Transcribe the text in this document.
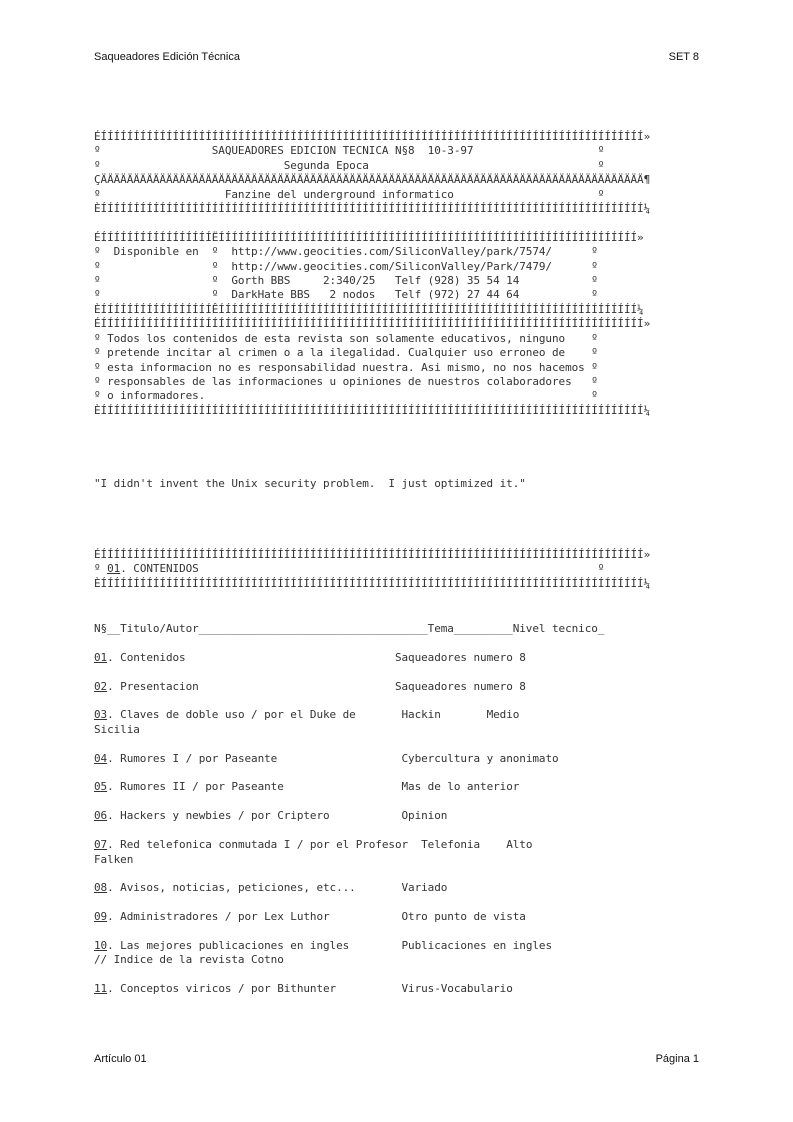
Saqueadores Edición Técnica	SET 8
ÉÍÍÍÍÍÍÍÍÍÍÍÍÍÍÍÍÍÍÍÍÍÍÍÍÍÍÍÍÍÍÍÍÍÍÍÍÍÍÍÍÍÍÍÍÍÍÍÍÍÍÍÍÍÍÍÍÍÍÍÍÍÍÍÍÍÍÍÍÍÍÍÍÍÍÍÍÍÍÍÍÍÍÍ»
º                 SAQUEADORES EDICION TECNICA N§8  10-3-97                   º
º                            Segunda Epoca                                   º
ÇÄÄÄÄÄÄÄÄÄÄÄÄÄÄÄÄÄÄÄÄÄÄÄÄÄÄÄÄÄÄÄÄÄÄÄÄÄÄÄÄÄÄÄÄÄÄÄÄÄÄÄÄÄÄÄÄÄÄÄÄÄÄÄÄÄÄÄÄÄÄÄÄÄÄÄÄÄÄÄÄÄÄÄ¶
º                   Fanzine del underground informatico                      º
ÈÍÍÍÍÍÍÍÍÍÍÍÍÍÍÍÍÍÍÍÍÍÍÍÍÍÍÍÍÍÍÍÍÍÍÍÍÍÍÍÍÍÍÍÍÍÍÍÍÍÍÍÍÍÍÍÍÍÍÍÍÍÍÍÍÍÍÍÍÍÍÍÍÍÍÍÍÍÍÍÍÍÍÍ¼
ÉÍÍÍÍÍÍÍÍÍÍÍÍÍÍÍÍÍËÍÍÍÍÍÍÍÍÍÍÍÍÍÍÍÍÍÍÍÍÍÍÍÍÍÍÍÍÍÍÍÍÍÍÍÍÍÍÍÍÍÍÍÍÍÍÍÍÍÍÍÍÍÍÍÍÍÍÍÍÍÍÍÍ»
º  Disponible en  º  http://www.geocities.com/SiliconValley/park/7574/      º
º                 º  http://www.geocities.com/SiliconValley/Park/7479/      º
º                 º  Gorth BBS     2:340/25   Telf (928) 35 54 14           º
º                 º  DarkHate BBS   2 nodos   Telf (972) 27 44 64           º
ÈÍÍÍÍÍÍÍÍÍÍÍÍÍÍÍÍÍÊÍÍÍÍÍÍÍÍÍÍÍÍÍÍÍÍÍÍÍÍÍÍÍÍÍÍÍÍÍÍÍÍÍÍÍÍÍÍÍÍÍÍÍÍÍÍÍÍÍÍÍÍÍÍÍÍÍÍÍÍÍÍÍÍ¼
ÉÍÍÍÍÍÍÍÍÍÍÍÍÍÍÍÍÍÍÍÍÍÍÍÍÍÍÍÍÍÍÍÍÍÍÍÍÍÍÍÍÍÍÍÍÍÍÍÍÍÍÍÍÍÍÍÍÍÍÍÍÍÍÍÍÍÍÍÍÍÍÍÍÍÍÍÍÍÍÍÍÍÍÍ»
º Todos los contenidos de esta revista son solamente educativos, ninguno    º
º pretende incitar al crimen o a la ilegalidad. Cualquier uso erroneo de    º
º esta informacion no es responsabilidad nuestra. Asi mismo, no nos hacemos º
º responsables de las informaciones u opiniones de nuestros colaboradores   º
º o informadores.                                                           º
ÈÍÍÍÍÍÍÍÍÍÍÍÍÍÍÍÍÍÍÍÍÍÍÍÍÍÍÍÍÍÍÍÍÍÍÍÍÍÍÍÍÍÍÍÍÍÍÍÍÍÍÍÍÍÍÍÍÍÍÍÍÍÍÍÍÍÍÍÍÍÍÍÍÍÍÍÍÍÍÍÍÍÍÍ¼
"I didn't invent the Unix security problem.  I just optimized it."
ÉÍÍÍÍÍÍÍÍÍÍÍÍÍÍÍÍÍÍÍÍÍÍÍÍÍÍÍÍÍÍÍÍÍÍÍÍÍÍÍÍÍÍÍÍÍÍÍÍÍÍÍÍÍÍÍÍÍÍÍÍÍÍÍÍÍÍÍÍÍÍÍÍÍÍÍÍÍÍÍÍÍÍÍ»
º 01. CONTENIDOS                                                             º
ÈÍÍÍÍÍÍÍÍÍÍÍÍÍÍÍÍÍÍÍÍÍÍÍÍÍÍÍÍÍÍÍÍÍÍÍÍÍÍÍÍÍÍÍÍÍÍÍÍÍÍÍÍÍÍÍÍÍÍÍÍÍÍÍÍÍÍÍÍÍÍÍÍÍÍÍÍÍÍÍÍÍÍÍ¼
N§__Titulo/Autor___________________________________Tema_________Nivel tecnico_
01. Contenidos                                Saqueadores numero 8
02. Presentacion                              Saqueadores numero 8
03. Claves de doble uso / por el Duke de       Hackin       Medio
Sicilia
04. Rumores I / por Paseante                   Cybercultura y anonimato
05. Rumores II / por Paseante                  Mas de lo anterior
06. Hackers y newbies / por Criptero           Opinion
07. Red telefonica conmutada I / por el Profesor  Telefonia    Alto
Falken
08. Avisos, noticias, peticiones, etc...       Variado
09. Administradores / por Lex Luthor           Otro punto de vista
10. Las mejores publicaciones en ingles        Publicaciones en ingles
// Indice de la revista Cotno
11. Conceptos viricos / por Bithunter          Virus-Vocabulario
Artículo 01	Página 1
